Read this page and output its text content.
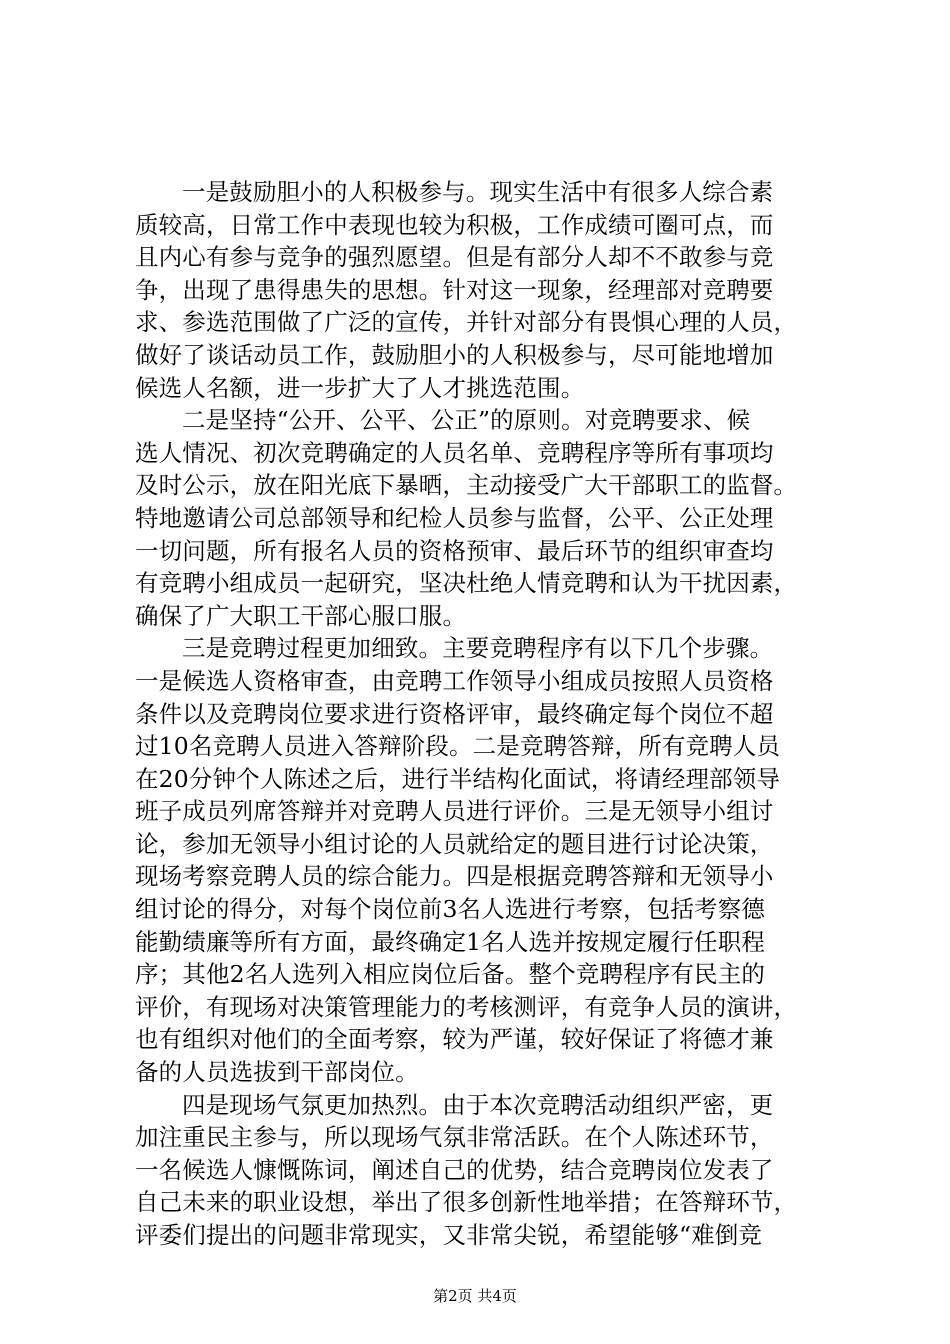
一是鼓励胆小的人积极参与。现实生活中有很多人综合素
质较高，日常工作中表现也较为积极，工作成绩可圈可点，而
且内心有参与竞争的强烈愿望。但是有部分人却不不敢参与竞
争，出现了患得患失的思想。针对这一现象，经理部对竞聘要
求、参选范围做了广泛的宣传，并针对部分有畏惧心理的人员，
做好了谈话动员工作，鼓励胆小的人积极参与，尽可能地增加
候选人名额，进一步扩大了人才挑选范围。
二是坚持“公开、公平、公正”的原则。对竞聘要求、候
选人情况、初次竞聘确定的人员名单、竞聘程序等所有事项均
及时公示，放在阳光底下暴晒，主动接受广大干部职工的监督。
特地邀请公司总部领导和纪检人员参与监督，公平、公正处理
一切问题，所有报名人员的资格预审、最后环节的组织审查均
有竞聘小组成员一起研究，坚决杜绝人情竞聘和认为干扰因素，
确保了广大职工干部心服口服。
三是竞聘过程更加细致。主要竞聘程序有以下几个步骤。
一是候选人资格审查，由竞聘工作领导小组成员按照人员资格
条件以及竞聘岗位要求进行资格评审，最终确定每个岗位不超
过10名竞聘人员进入答辩阶段。二是竞聘答辩，所有竞聘人员
在20分钟个人陈述之后，进行半结构化面试，将请经理部领导
班子成员列席答辩并对竞聘人员进行评价。三是无领导小组讨
论，参加无领导小组讨论的人员就给定的题目进行讨论决策，
现场考察竞聘人员的综合能力。四是根据竞聘答辩和无领导小
组讨论的得分，对每个岗位前3名人选进行考察，包括考察德
能勤绩廉等所有方面，最终确定1名人选并按规定履行任职程
序；其他2名人选列入相应岗位后备。整个竞聘程序有民主的
评价，有现场对决策管理能力的考核测评，有竞争人员的演讲，
也有组织对他们的全面考察，较为严谨，较好保证了将德才兼
备的人员选拔到干部岗位。
四是现场气氛更加热烈。由于本次竞聘活动组织严密，更
加注重民主参与，所以现场气氛非常活跃。在个人陈述环节，
一名候选人慷慨陈词，阐述自己的优势，结合竞聘岗位发表了
自己未来的职业设想，举出了很多创新性地举措；在答辩环节，
评委们提出的问题非常现实，又非常尖锐，希望能够“难倒竞
第2页 共4页
